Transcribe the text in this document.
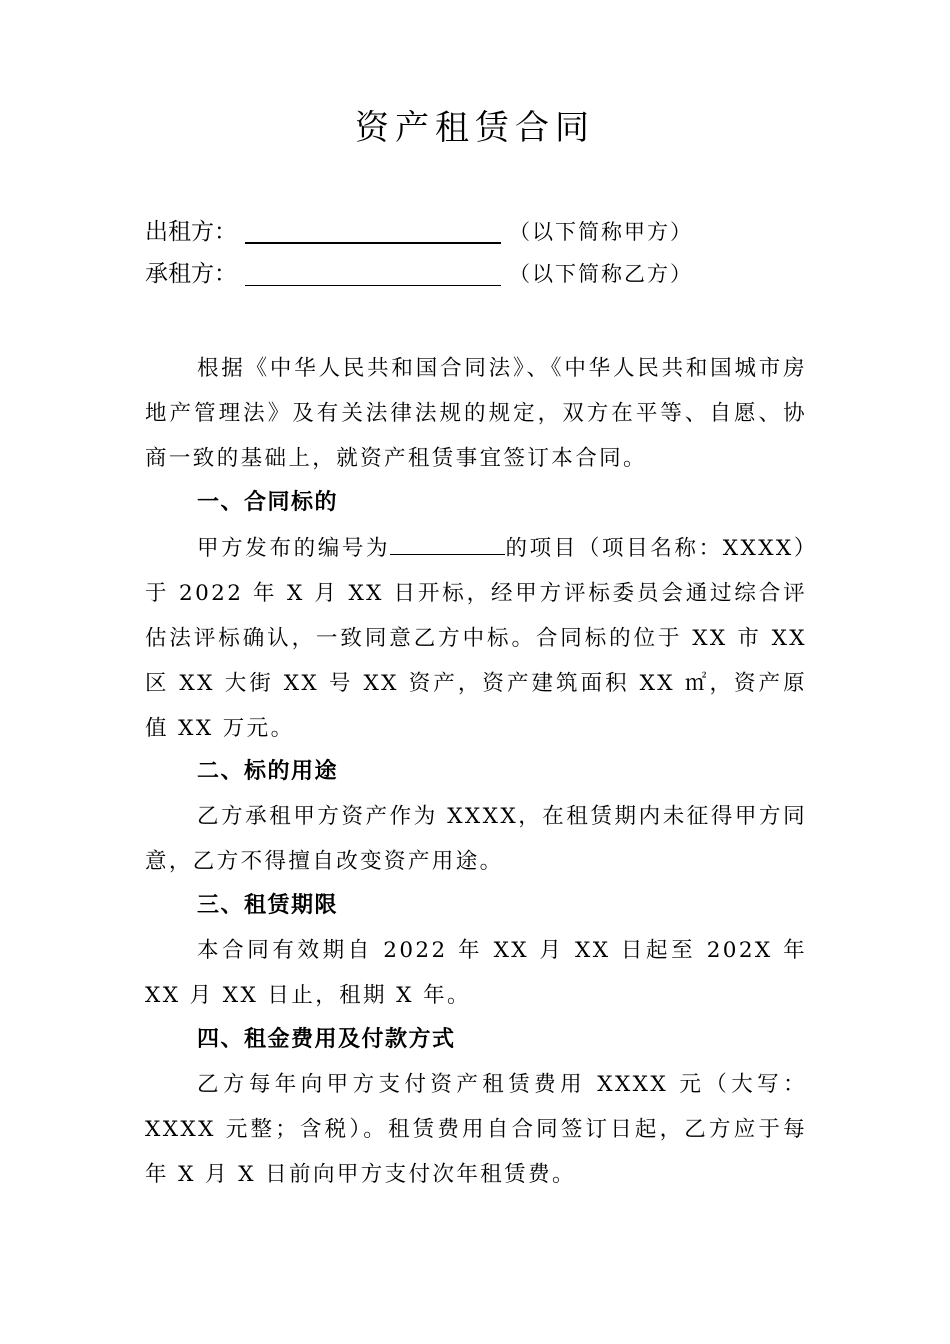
资产租赁合同
出租方：	（以下简称甲方）
承租方：	（以下简称乙方）

根据《中华人民共和国合同法》、《中华人民共和国城市房地产管理法》及有关法律法规的规定，双方在平等、自愿、协商一致的基础上，就资产租赁事宜签订本合同。

一、合同标的

甲方发布的编号为	的项目（项目名称：XXXX）于 2022 年 X 月 XX 日开标，经甲方评标委员会通过综合评估法评标确认，一致同意乙方中标。合同标的位于 XX 市 XX 区 XX 大街 XX 号 XX 资产，资产建筑面积 XX ㎡，资产原值 XX 万元。

二、标的用途

乙方承租甲方资产作为 XXXX，在租赁期内未征得甲方同意，乙方不得擅自改变资产用途。

三、租赁期限

本合同有效期自 2022 年 XX 月 XX 日起至 202X 年 XX 月 XX 日止，租期 X 年。

四、租金费用及付款方式

乙方每年向甲方支付资产租赁费用 XXXX 元（大写：XXXX 元整；含税）。租赁费用自合同签订日起，乙方应于每年 X 月 X 日前向甲方支付次年租赁费。
